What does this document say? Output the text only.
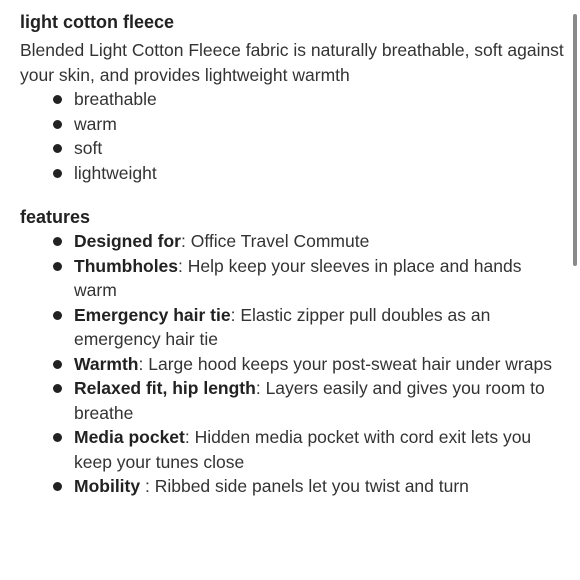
light cotton fleece

Blended Light Cotton Fleece fabric is naturally breathable, soft against your skin, and provides lightweight warmth

breathable
warm
soft
lightweight
features
Designed for: Office Travel Commute
Thumbholes: Help keep your sleeves in place and hands warm
Emergency hair tie: Elastic zipper pull doubles as an emergency hair tie
Warmth: Large hood keeps your post-sweat hair under wraps
Relaxed fit, hip length: Layers easily and gives you room to breathe
Media pocket: Hidden media pocket with cord exit lets you keep your tunes close
Mobility : Ribbed side panels let you twist and turn
